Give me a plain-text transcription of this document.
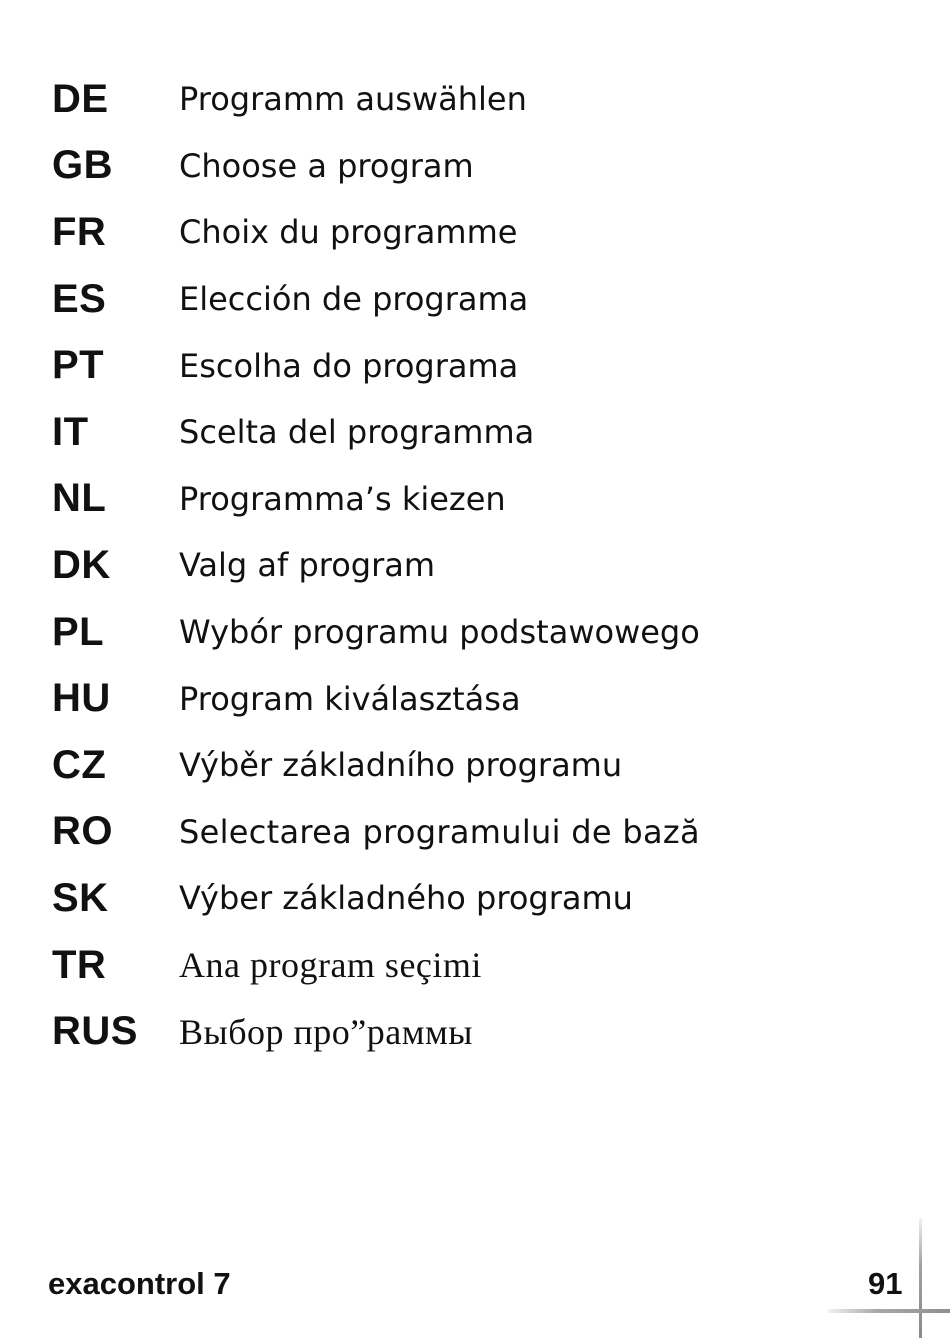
DE	Programm auswählen
GB	Choose a program
FR	Choix du programme
ES	Elección de programa
PT	Escolha do programa
IT	Scelta del programma
NL	Programma’s kiezen
DK	Valg af program
PL	Wybór programu podstawowego
HU	Program kiválasztása
CZ	Výběr základního programu
RO	Selectarea programului de bază
SK	Výber základného programu
TR	Ana program seçimi
RUS	Выбор про”раммы
exacontrol 7	91
